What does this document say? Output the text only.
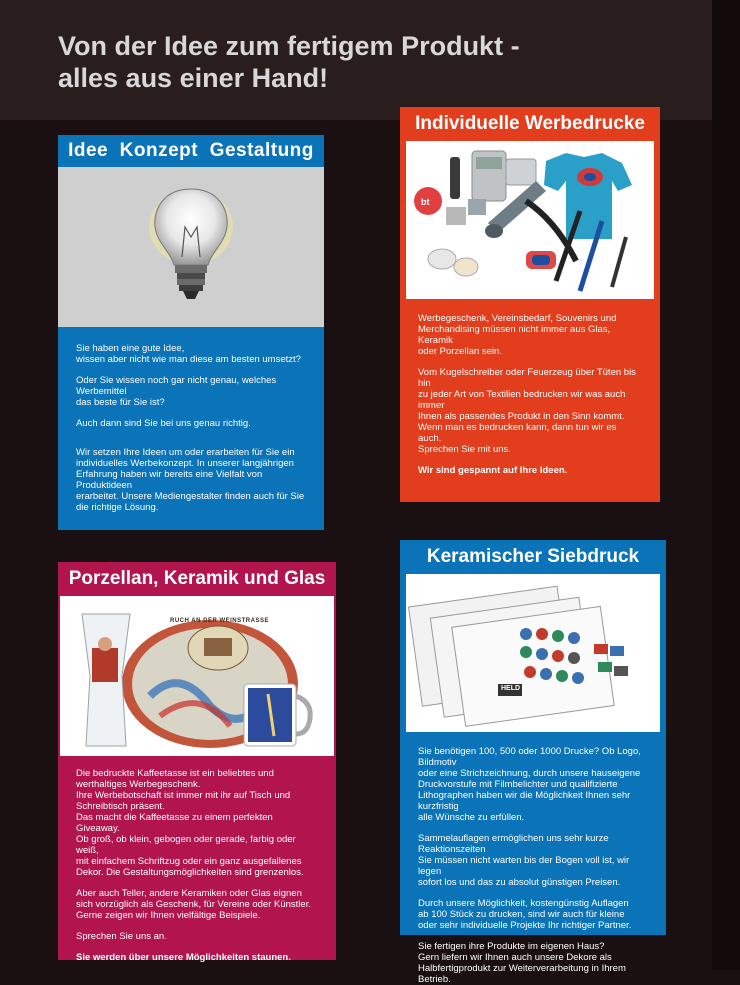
Von der Idee zum fertigem Produkt -
alles aus einer Hand!
Idee  Konzept  Gestaltung

Sie haben eine gute Idee,
wissen aber nicht wie man diese am besten umsetzt?

Oder Sie wissen noch gar nicht genau, welches Werbemittel
das beste für Sie ist?

Auch dann sind Sie bei uns genau richtig.

Wir setzen Ihre Ideen um oder erarbeiten für Sie ein
individuelles Werbekonzept. In unserer langjährigen
Erfahrung haben wir bereits eine Vielfalt von Produktideen
erarbeitet. Unsere Mediengestalter finden auch für Sie
die richtige Lösung.

Individuelle Werbedrucke
bt

Werbegeschenk, Vereinsbedarf, Souvenirs und
Merchandising müssen nicht immer aus Glas, Keramik
oder Porzellan sein.

Vom Kugelschreiber oder Feuerzeug über Tüten bis hin
zu jeder Art von Textilien bedrucken wir was auch immer
Ihnen als passendes Produkt in den Sinn kommt.
Wenn man es bedrucken kann, dann tun wir es auch.
Sprechen Sie mit uns.

Wir sind gespannt auf Ihre Ideen.

Porzellan, Keramik und Glas
RUCH AN DER WEINSTRASSE

Die bedruckte Kaffeetasse ist ein beliebtes und
werthaltiges Werbegeschenk.
Ihre Werbebotschaft ist immer mit ihr auf Tisch und
Schreibtisch präsent.
Das macht die Kaffeetasse zu einem perfekten Giveaway.
Ob groß, ob klein, gebogen oder gerade, farbig oder weiß,
mit einfachem Schriftzug oder ein ganz ausgefallenes
Dekor. Die Gestaltungsmöglichkeiten sind grenzenlos.

Aber auch Teller, andere Keramiken oder Glas eignen
sich vorzüglich als Geschenk, für Vereine oder Künstler.
Gerne zeigen wir Ihnen vielfältige Beispiele.

Sprechen Sie uns an.

Sie werden über unsere Möglichkeiten staunen.

Keramischer Siebdruck
HELD

Sie benötigen 100, 500 oder 1000 Drucke? Ob Logo, Bildmotiv
oder eine Strichzeichnung, durch unsere hauseigene
Druckvorstufe mit Filmbelichter und qualifizierte
Lithographen haben wir die Möglichkeit Ihnen sehr kurzfristig
alle Wünsche zu erfüllen.

Sammelauflagen ermöglichen uns sehr kurze Reaktionszeiten
Sie müssen nicht warten bis der Bogen voll ist, wir legen
sofort los und das zu absolut günstigen Preisen.

Durch unsere Möglichkeit, kostengünstig Auflagen
ab 100 Stück zu drucken, sind wir auch für kleine
oder sehr individuelle Projekte Ihr richtiger Partner.

Sie fertigen ihre Produkte im eigenen Haus?
Gern liefern wir Ihnen auch unsere Dekore als
Halbfertigprodukt zur Weiterverarbeitung in Ihrem Betrieb.
